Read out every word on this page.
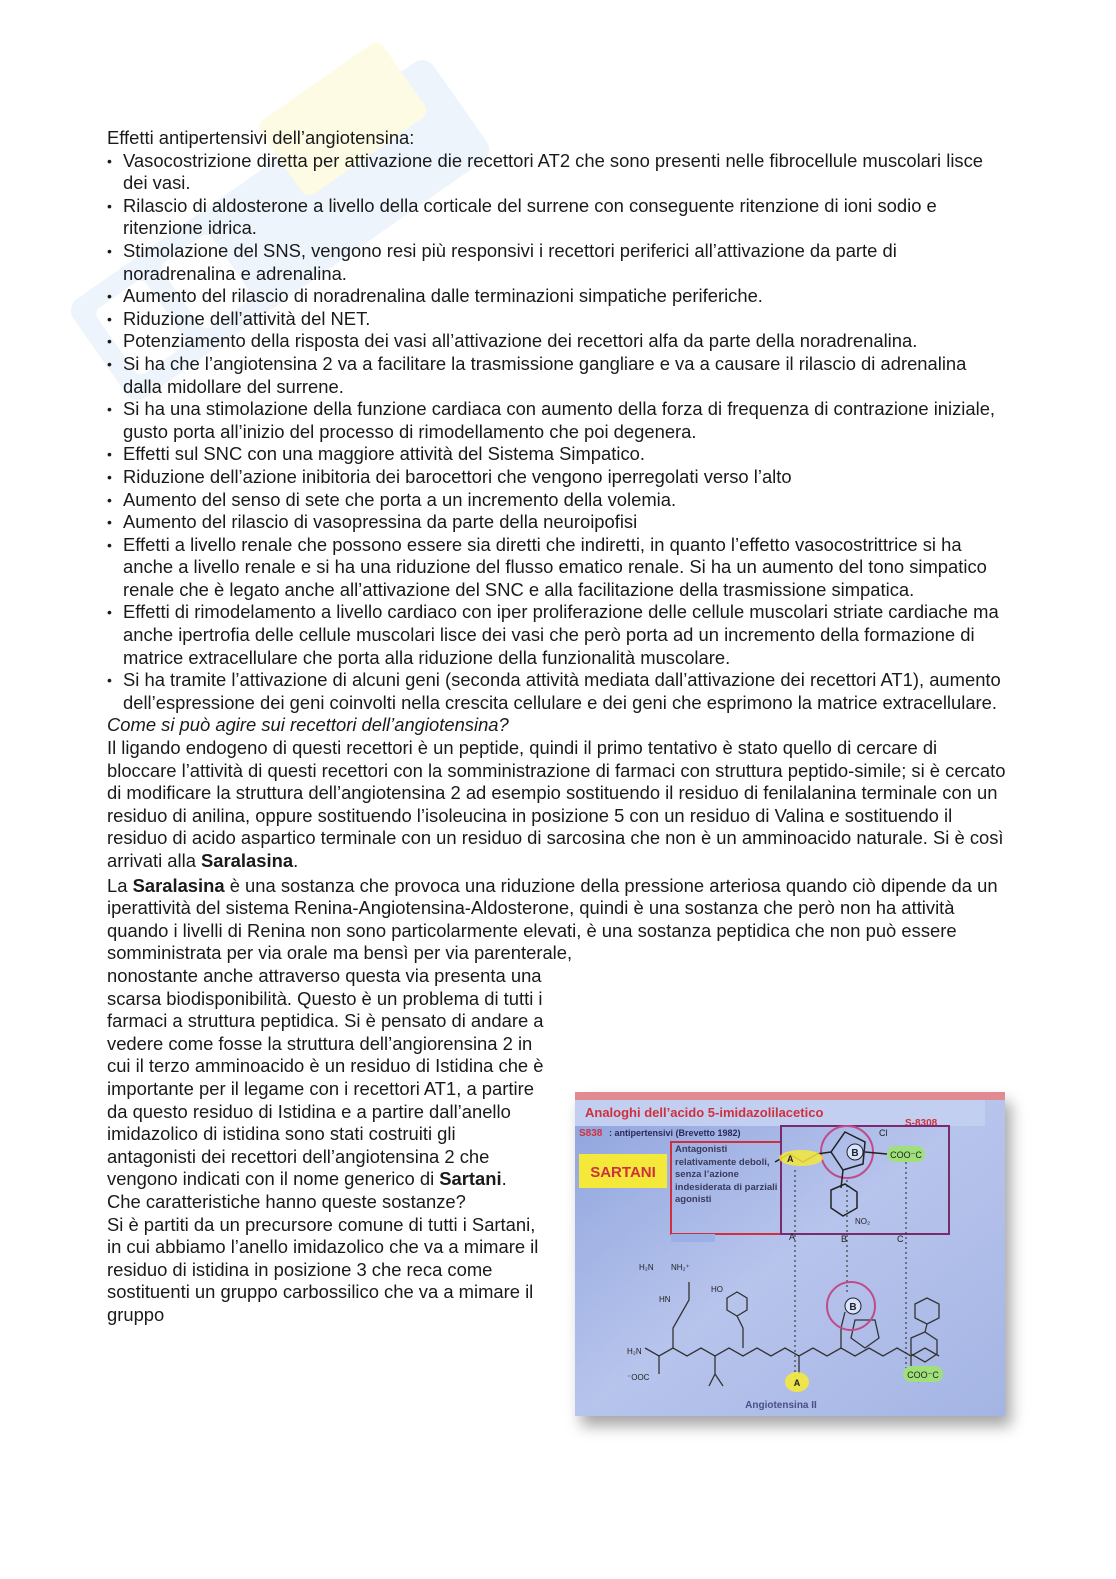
Effetti antipertensivi dell’angiotensina:

• Vasocostrizione diretta per attivazione die recettori AT2 che sono presenti nelle fibrocellule muscolari lisce dei vasi.
• Rilascio di aldosterone a livello della corticale del surrene con conseguente ritenzione di ioni sodio e ritenzione idrica.
• Stimolazione del SNS, vengono resi più responsivi i recettori periferici all’attivazione da parte di noradrenalina e adrenalina.
• Aumento del rilascio di noradrenalina dalle terminazioni simpatiche periferiche.
• Riduzione dell’attività del NET.
• Potenziamento della risposta dei vasi all’attivazione dei recettori alfa da parte della noradrenalina.
• Si ha che l’angiotensina 2 va a facilitare la trasmissione gangliare e va a causare il rilascio di adrenalina dalla midollare del surrene.
• Si ha una stimolazione della funzione cardiaca con aumento della forza di frequenza di contrazione iniziale, gusto porta all’inizio del processo di rimodellamento che poi degenera.
• Effetti sul SNC con una maggiore attività del Sistema Simpatico.
• Riduzione dell’azione inibitoria dei barocettori che vengono iperregolati verso l’alto
• Aumento del senso di sete che porta a un incremento della volemia.
• Aumento del rilascio di vasopressina da parte della neuroipofisi
• Effetti a livello renale che possono essere sia diretti che indiretti, in quanto l’effetto vasocostrittrice si ha anche a livello renale e si ha una riduzione del flusso ematico renale. Si ha un aumento del tono simpatico renale che è legato anche all’attivazione del SNC e alla facilitazione della trasmissione simpatica.
• Effetti di rimodelamento a livello cardiaco con iper proliferazione delle cellule muscolari striate cardiache ma anche ipertrofia delle cellule muscolari lisce dei vasi che però porta ad un incremento della formazione di matrice extracellulare che porta alla riduzione della funzionalità muscolare.
• Si ha tramite l’attivazione di alcuni geni (seconda attività mediata dall’attivazione dei recettori AT1), aumento dell’espressione dei geni coinvolti nella crescita cellulare e dei geni che esprimono la matrice extracellulare.

Come si può agire sui recettori dell’angiotensina?

Il ligando endogeno di questi recettori è un peptide, quindi il primo tentativo è stato quello di cercare di bloccare l’attività di questi recettori con la somministrazione di farmaci con struttura peptido-simile; si è cercato di modificare la struttura dell’angiotensina 2 ad esempio sostituendo il residuo di fenilalanina terminale con un residuo di anilina, oppure sostituendo l’isoleucina in posizione 5 con un residuo di Valina e sostituendo il residuo di acido aspartico terminale con un residuo di sarcosina che non è un amminoacido naturale. Si è così arrivati alla Saralasina.

La Saralasina è una sostanza che provoca una riduzione della pressione arteriosa quando ciò dipende da un iperattività del sistema Renina-Angiotensina-Aldosterone, quindi è una sostanza che però non ha attività quando i livelli di Renina non sono particolarmente elevati, è una sostanza peptidica che non può essere somministrata per via orale ma bensì per via parenterale,

nonostante anche attraverso questa via presenta una scarsa biodisponibilità. Questo è un problema di tutti i farmaci a struttura peptidica. Si è pensato di andare a vedere come fosse la struttura dell’angiorensina 2 in cui il terzo amminoacido è un residuo di Istidina che è importante per il legame con i recettori AT1, a partire da questo residuo di Istidina e a partire dall’anello imidazolico di istidina sono stati costruiti gli antagonisti dei recettori dell’angiotensina 2 che vengono indicati con il nome generico di Sartani.

Che caratteristiche hanno queste sostanze?

Si è partiti da un precursore comune di tutti i Sartani, in cui abbiamo l’anello imidazolico che va a mimare il residuo di istidina in posizione 3 che reca come sostituenti un gruppo carbossilico che va a mimare il gruppo

Analoghi dell’acido 5-imidazolilacetico
S-8308
S838 : antipertensivi (Brevetto 1982)
SARTANI
Antagonisti relativamente deboli, senza l’azione indesiderata di parziali agonisti
B
Cl
A	COO⁻C
NO₂
A	B	C
H₂N NH₂⁺
HN
HO
H₂N
⁻OOC
B
A
COO⁻C
Angiotensina II
